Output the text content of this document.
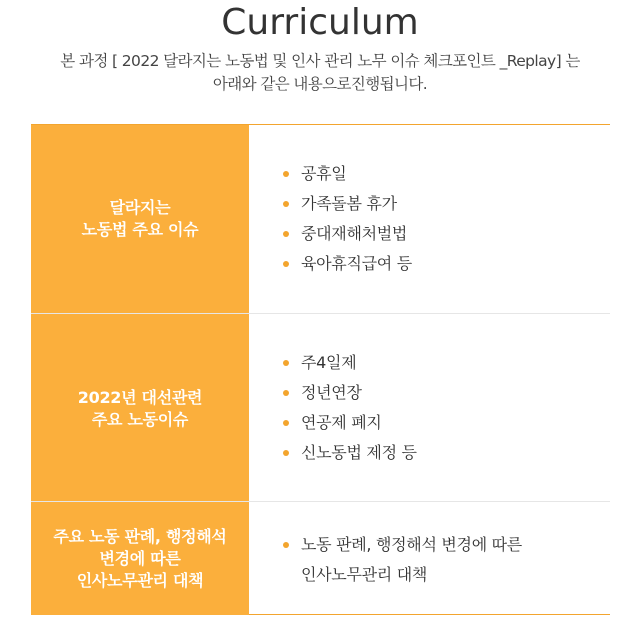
Curriculum
본 과정 [ 2022 달라지는 노동법 및 인사 관리 노무 이슈 체크포인트 _Replay] 는
아래와 같은 내용으로진행됩니다.
달라지는
노동법 주요 이슈
공휴일
가족돌봄 휴가
중대재해처벌법
육아휴직급여 등
2022년 대선관련
주요 노동이슈
주4일제
정년연장
연공제 폐지
신노동법 제정 등
주요 노동 판례, 행정해석
변경에 따른
인사노무관리 대책
노동 판례, 행정해석 변경에 따른
인사노무관리 대책
